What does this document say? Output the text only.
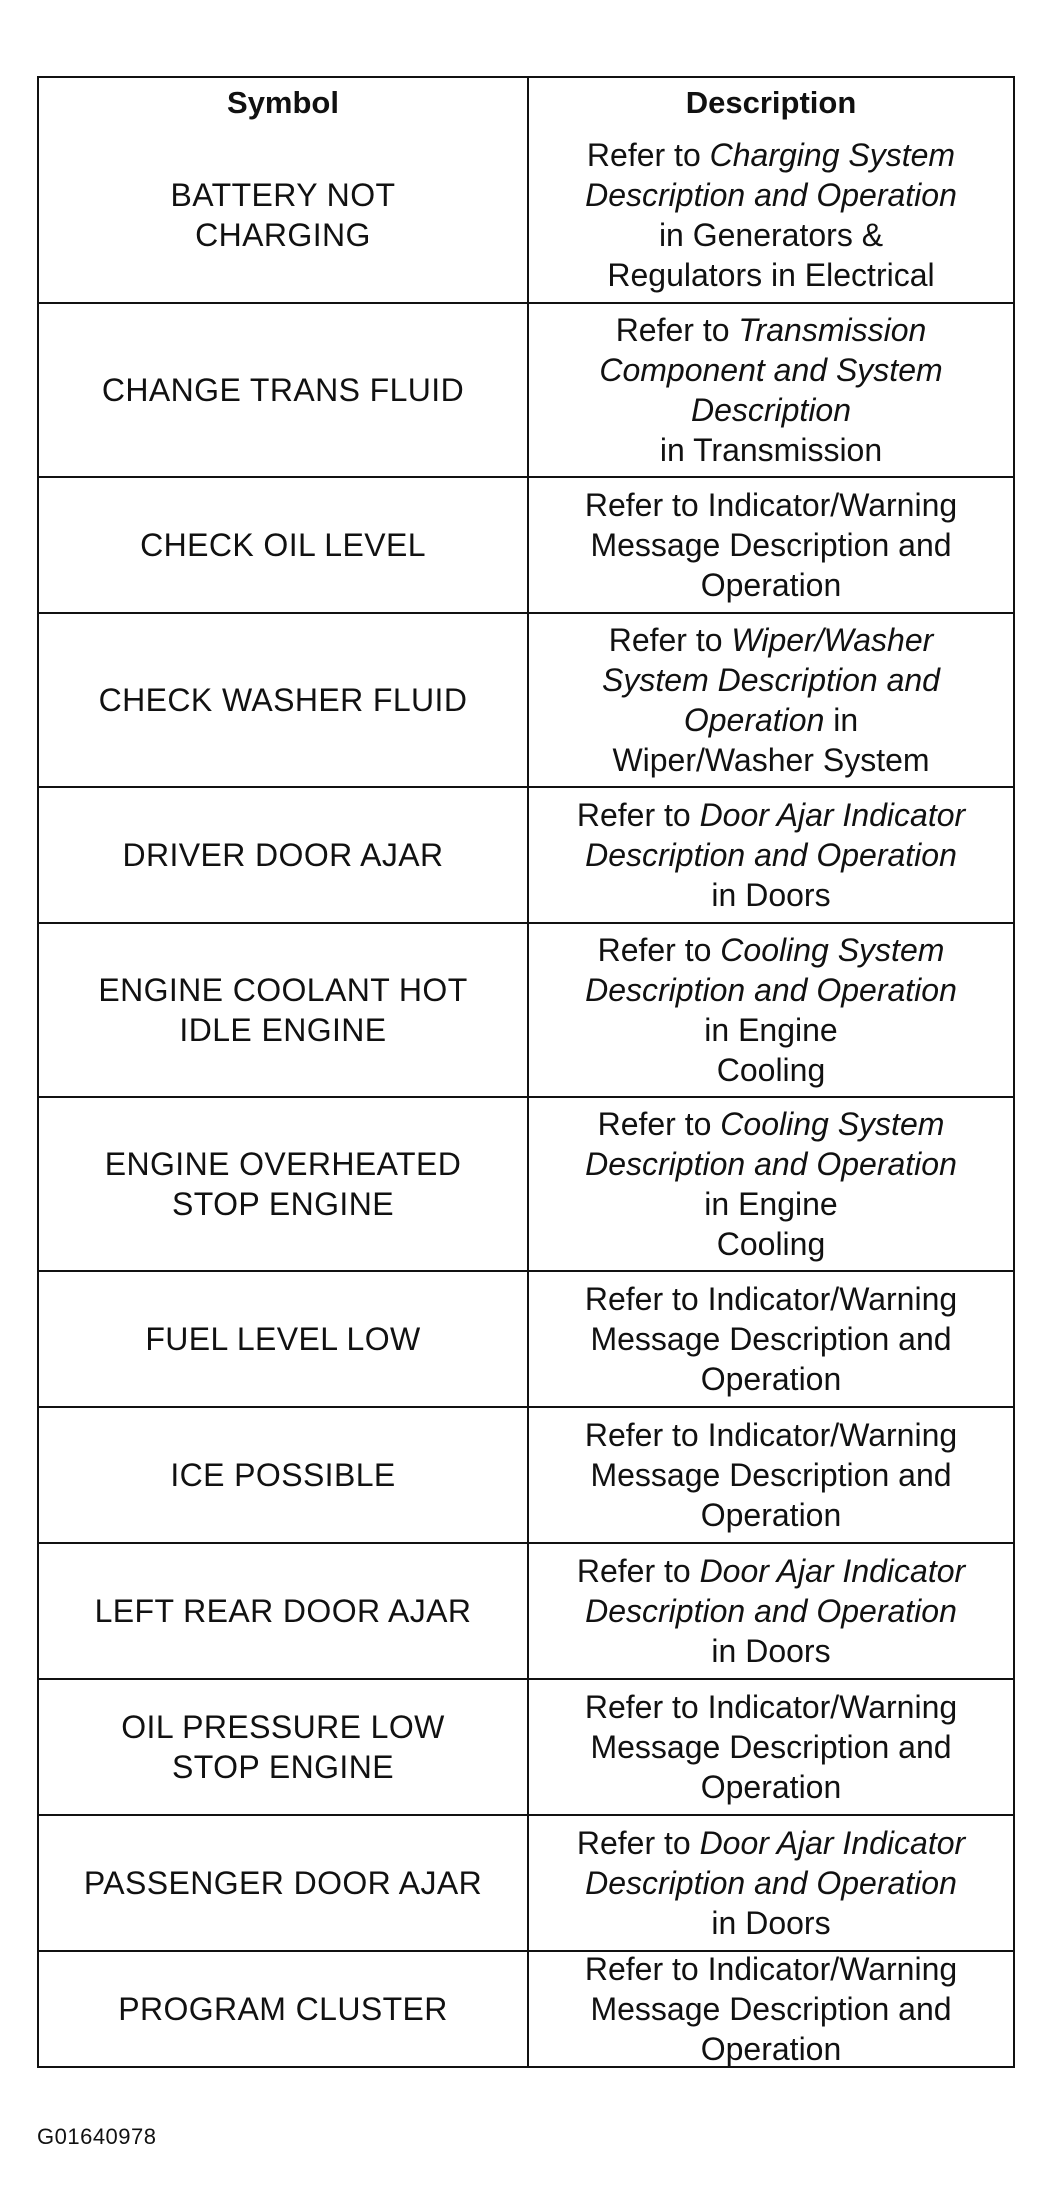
Symbol	Description
BATTERY NOT
CHARGING
Refer to Charging System
Description and Operation
in Generators &
Regulators in Electrical
CHANGE TRANS FLUID
Refer to Transmission
Component and System
Description
in Transmission
CHECK OIL LEVEL
Refer to Indicator/Warning
Message Description and
Operation
CHECK WASHER FLUID
Refer to Wiper/Washer
System Description and
Operation in
Wiper/Washer System
DRIVER DOOR AJAR
Refer to Door Ajar Indicator
Description and Operation
in Doors
ENGINE COOLANT HOT
IDLE ENGINE
Refer to Cooling System
Description and Operation
in Engine
Cooling
ENGINE OVERHEATED
STOP ENGINE
Refer to Cooling System
Description and Operation
in Engine
Cooling
FUEL LEVEL LOW
Refer to Indicator/Warning
Message Description and
Operation
ICE POSSIBLE
Refer to Indicator/Warning
Message Description and
Operation
LEFT REAR DOOR AJAR
Refer to Door Ajar Indicator
Description and Operation
in Doors
OIL PRESSURE LOW
STOP ENGINE
Refer to Indicator/Warning
Message Description and
Operation
PASSENGER DOOR AJAR
Refer to Door Ajar Indicator
Description and Operation
in Doors
PROGRAM CLUSTER
Refer to Indicator/Warning
Message Description and
Operation
G01640978
